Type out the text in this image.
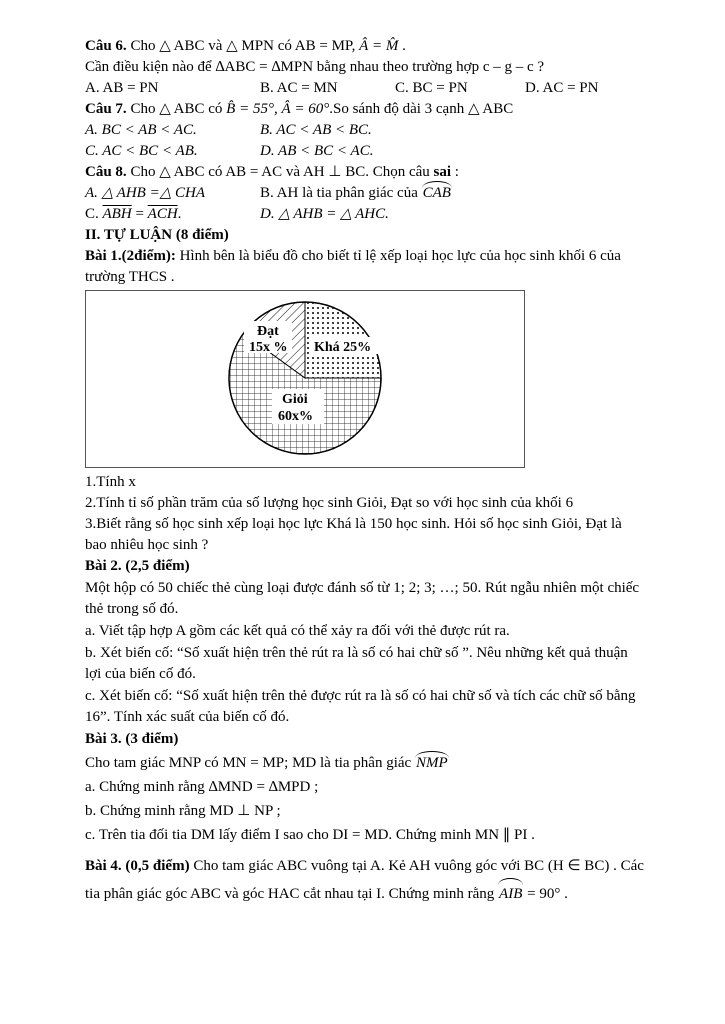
Câu 6. Cho △ ABC và △ MPN có AB = MP, Â = M̂ .

Cần điều kiện nào để ∆ABC = ∆MPN bằng nhau theo trường hợp c – g – c ?

A. AB = PN	B. AC = MN	C. BC = PN	D. AC = PN

Câu 7. Cho △ ABC có B̂ = 55°, Â = 60°.So sánh độ dài 3 cạnh △ ABC

A. BC < AB < AC.	B. AC < AB < BC.
C. AC < BC < AB.	D. AB < BC < AC.

Câu 8. Cho △ ABC có AB = AC và AH ⊥ BC. Chọn câu sai :

A. △ AHB =△ CHA	B. AH là tia phân giác của CAB
C. $\overline{ABH} = \overline{ACH}$.	D. △ AHB = △ AHC.

II. TỰ LUẬN (8 điểm)

Bài 1.(2điểm): Hình bên là biểu đồ cho biết tỉ lệ xếp loại học lực của học sinh khối 6 của trường THCS .

Đạt
15x % Khá 25%
Giỏi
60x%

1.Tính x

2.Tính tỉ số phần trăm của số lượng học sinh Giỏi, Đạt so với học sinh của khối 6

3.Biết rằng số học sinh xếp loại học lực Khá là 150 học sinh. Hỏi số học sinh Giỏi, Đạt là bao nhiêu học sinh ?

Bài 2. (2,5 điểm)

Một hộp có 50 chiếc thẻ cùng loại được đánh số từ 1; 2; 3; …; 50. Rút ngẫu nhiên một chiếc thẻ trong số đó.

a. Viết tập hợp A gồm các kết quả có thể xảy ra đối với thẻ được rút ra.

b. Xét biến cố: “Số xuất hiện trên thẻ rút ra là số có hai chữ số ”. Nêu những kết quả thuận lợi của biến cố đó.

c. Xét biến cố: “Số xuất hiện trên thẻ được rút ra là số có hai chữ số và tích các chữ số bằng 16”. Tính xác suất của biến cố đó.

Bài 3. (3 điểm)

Cho tam giác MNP có MN = MP; MD là tia phân giác NMP

a. Chứng minh rằng ∆MND = ∆MPD ;

b. Chứng minh rằng MD ⊥ NP ;

c. Trên tia đối tia DM lấy điểm I sao cho DI = MD. Chứng minh MN ∥ PI .

Bài 4. (0,5 điểm) Cho tam giác ABC vuông tại A. Kẻ AH vuông góc với BC (H ∈ BC) . Các tia phân giác góc ABC và góc HAC cắt nhau tại I. Chứng minh rằng AIB = 90° .
